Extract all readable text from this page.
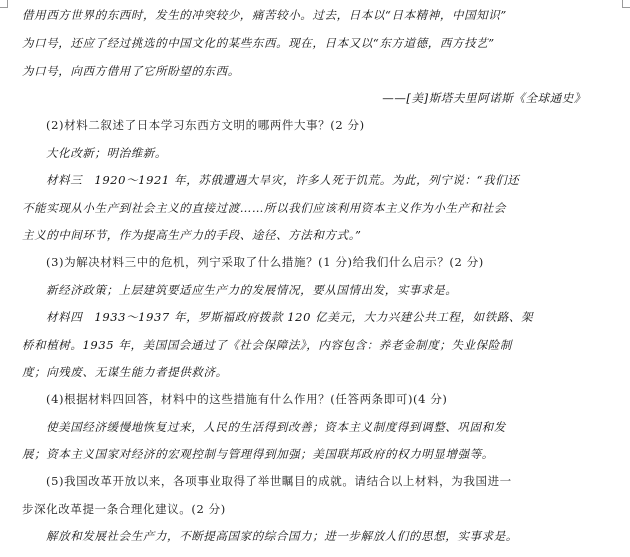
借用西方世界的东西时，发生的冲突较少，痛苦较小。过去，日本以“日本精神，中国知识”
为口号，还应了经过挑选的中国文化的某些东西。现在，日本又以“东方道德，西方技艺”
为口号，向西方借用了它所盼望的东西。
——[美]斯塔夫里阿诺斯《全球通史》
(2)材料二叙述了日本学习东西方文明的哪两件大事？(2 分)
大化改新；明治维新。
材料三　1920～1921 年，苏俄遭遇大旱灾，许多人死于饥荒。为此，列宁说：“我们还
不能实现从小生产到社会主义的直接过渡……所以我们应该利用资本主义作为小生产和社会
主义的中间环节，作为提高生产力的手段、途径、方法和方式。”
(3)为解决材料三中的危机，列宁采取了什么措施？(1 分)给我们什么启示？(2 分)
新经济政策；上层建筑要适应生产力的发展情况，要从国情出发，实事求是。
材料四　1933～1937 年，罗斯福政府拨款 120 亿美元，大力兴建公共工程，如铁路、架
桥和植树。1935 年，美国国会通过了《社会保障法》，内容包含：养老金制度；失业保险制
度；向残废、无谋生能力者提供救济。
(4)根据材料四回答，材料中的这些措施有什么作用？(任答两条即可)(4 分)
使美国经济缓慢地恢复过来，人民的生活得到改善；资本主义制度得到调整、巩固和发
展；资本主义国家对经济的宏观控制与管理得到加强；美国联邦政府的权力明显增强等。
(5)我国改革开放以来，各项事业取得了举世瞩目的成就。请结合以上材料，为我国进一
步深化改革提一条合理化建议。(2 分)
解放和发展社会生产力，不断提高国家的综合国力；进一步解放人们的思想，实事求是。
